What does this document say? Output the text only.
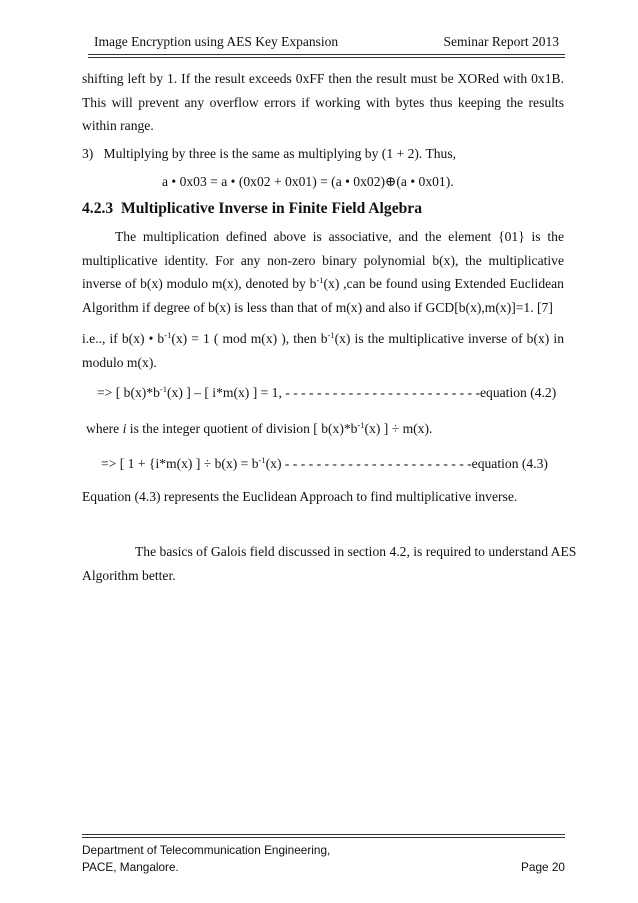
Image Encryption using AES Key Expansion	Seminar Report 2013
shifting left by 1. If the result exceeds 0xFF then the result must be XORed with 0x1B.
This will prevent any overflow errors if working with bytes thus keeping the results
within range.
3)   Multiplying by three is the same as multiplying by (1 + 2). Thus,
a • 0x03 = a • (0x02 + 0x01) = (a • 0x02)⊕(a • 0x01).
4.2.3 Multiplicative Inverse in Finite Field Algebra
The multiplication defined above is associative, and the element {01} is the
multiplicative identity. For any non-zero binary polynomial b(x), the multiplicative
inverse of b(x) modulo m(x), denoted by $b^{-1}(x)$ ,can be found using Extended Euclidean
Algorithm if degree of b(x) is less than that of m(x) and also if GCD[b(x),m(x)]=1. [7]
i.e.., if b(x) • $b^{-1}(x) = 1$ ( mod m(x) ), then $b^{-1}(x)$ is the multiplicative inverse of b(x) in
modulo m(x).
=> [ $b(x)*b^{-1}(x)$ ] – [ i*m(x) ] = 1, - - - - - - - - - - - - - - - - - - - - - - - - -equation (4.2)
where i is the integer quotient of division [ $b(x)*b^{-1}(x)$ ] ÷ m(x).
=> [ 1 + {i*m(x) ] ÷ $b(x) = b^{-1}(x)$ - - - - - - - - - - - - - - - - - - - - - - - -equation (4.3)
Equation (4.3) represents the Euclidean Approach to find multiplicative inverse.
The basics of Galois field discussed in section 4.2, is required to understand AES
Algorithm better.
Department of Telecommunication Engineering,
PACE, Mangalore.	Page 20
